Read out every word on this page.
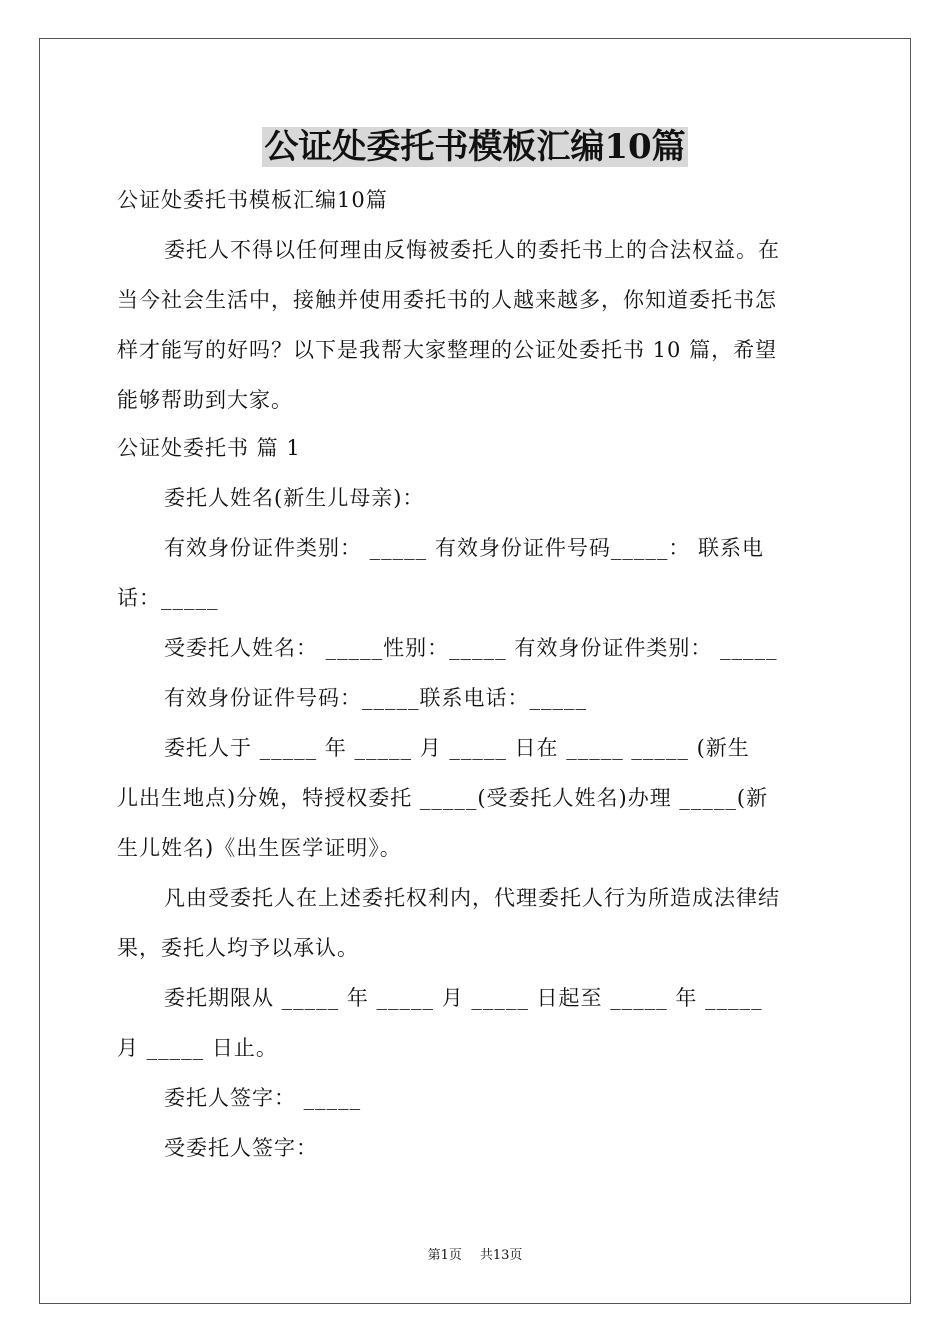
公证处委托书模板汇编10篇
公证处委托书模板汇编10篇
委托人不得以任何理由反悔被委托人的委托书上的合法权益。在
当今社会生活中，接触并使用委托书的人越来越多，你知道委托书怎
样才能写的好吗？以下是我帮大家整理的公证处委托书 10 篇，希望
能够帮助到大家。
公证处委托书 篇 1
委托人姓名(新生儿母亲)：
有效身份证件类别： _____ 有效身份证件号码_____： 联系电
话：_____
受委托人姓名： _____性别：_____ 有效身份证件类别： _____
有效身份证件号码：_____联系电话：_____
委托人于 _____ 年 _____ 月 _____ 日在 _____ _____ (新生
儿出生地点)分娩，特授权委托 _____(受委托人姓名)办理 _____(新
生儿姓名)《出生医学证明》。
凡由受委托人在上述委托权利内，代理委托人行为所造成法律结
果，委托人均予以承认。
委托期限从 _____ 年 _____ 月 _____ 日起至 _____ 年 _____
月 _____ 日止。
委托人签字： _____
受委托人签字：
第1页 共13页
